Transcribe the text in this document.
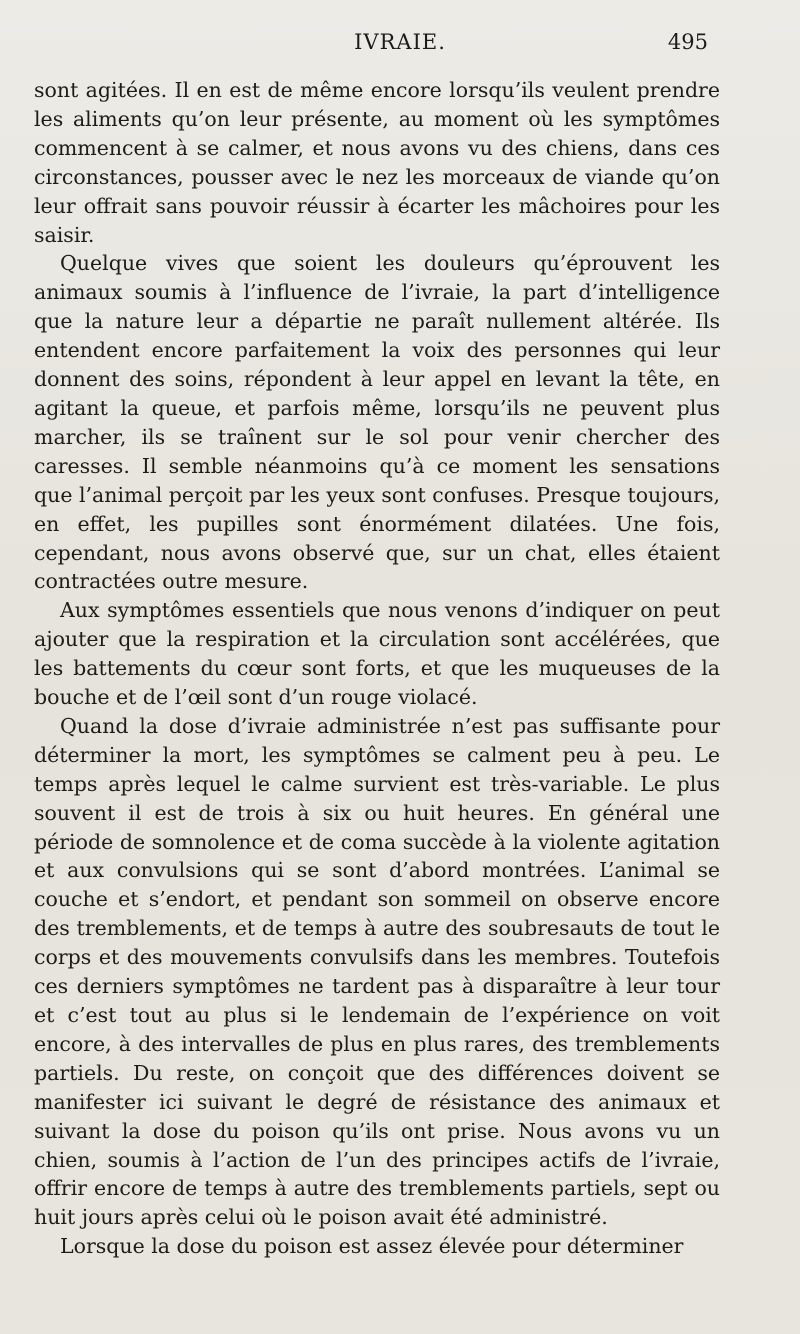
IVRAIE.	495

sont agitées. Il en est de même encore lorsqu’ils veulent prendre les aliments qu’on leur présente, au moment où les symptômes commencent à se calmer, et nous avons vu des chiens, dans ces circonstances, pousser avec le nez les morceaux de viande qu’on leur offrait sans pouvoir réussir à écarter les mâchoires pour les saisir.

Quelque vives que soient les douleurs qu’éprouvent les animaux soumis à l’influence de l’ivraie, la part d’intelligence que la nature leur a départie ne paraît nullement altérée. Ils entendent encore parfaitement la voix des personnes qui leur donnent des soins, répondent à leur appel en levant la tête, en agitant la queue, et parfois même, lorsqu’ils ne peuvent plus marcher, ils se traînent sur le sol pour venir chercher des caresses. Il semble néanmoins qu’à ce moment les sensations que l’animal perçoit par les yeux sont confuses. Presque toujours, en effet, les pupilles sont énormément dilatées. Une fois, cependant, nous avons observé que, sur un chat, elles étaient contractées outre mesure.

Aux symptômes essentiels que nous venons d’indiquer on peut ajouter que la respiration et la circulation sont accélérées, que les battements du cœur sont forts, et que les muqueuses de la bouche et de l’œil sont d’un rouge violacé.

Quand la dose d’ivraie administrée n’est pas suffisante pour déterminer la mort, les symptômes se calment peu à peu. Le temps après lequel le calme survient est très-variable. Le plus souvent il est de trois à six ou huit heures. En général une période de somnolence et de coma succède à la violente agitation et aux convulsions qui se sont d’abord montrées. L’animal se couche et s’endort, et pendant son sommeil on observe encore des tremblements, et de temps à autre des soubresauts de tout le corps et des mouvements convulsifs dans les membres. Toutefois ces derniers symptômes ne tardent pas à disparaître à leur tour et c’est tout au plus si le lendemain de l’expérience on voit encore, à des intervalles de plus en plus rares, des tremblements partiels. Du reste, on conçoit que des différences doivent se manifester ici suivant le degré de résistance des animaux et suivant la dose du poison qu’ils ont prise. Nous avons vu un chien, soumis à l’action de l’un des principes actifs de l’ivraie, offrir encore de temps à autre des tremblements partiels, sept ou huit jours après celui où le poison avait été administré.

Lorsque la dose du poison est assez élevée pour déterminer
